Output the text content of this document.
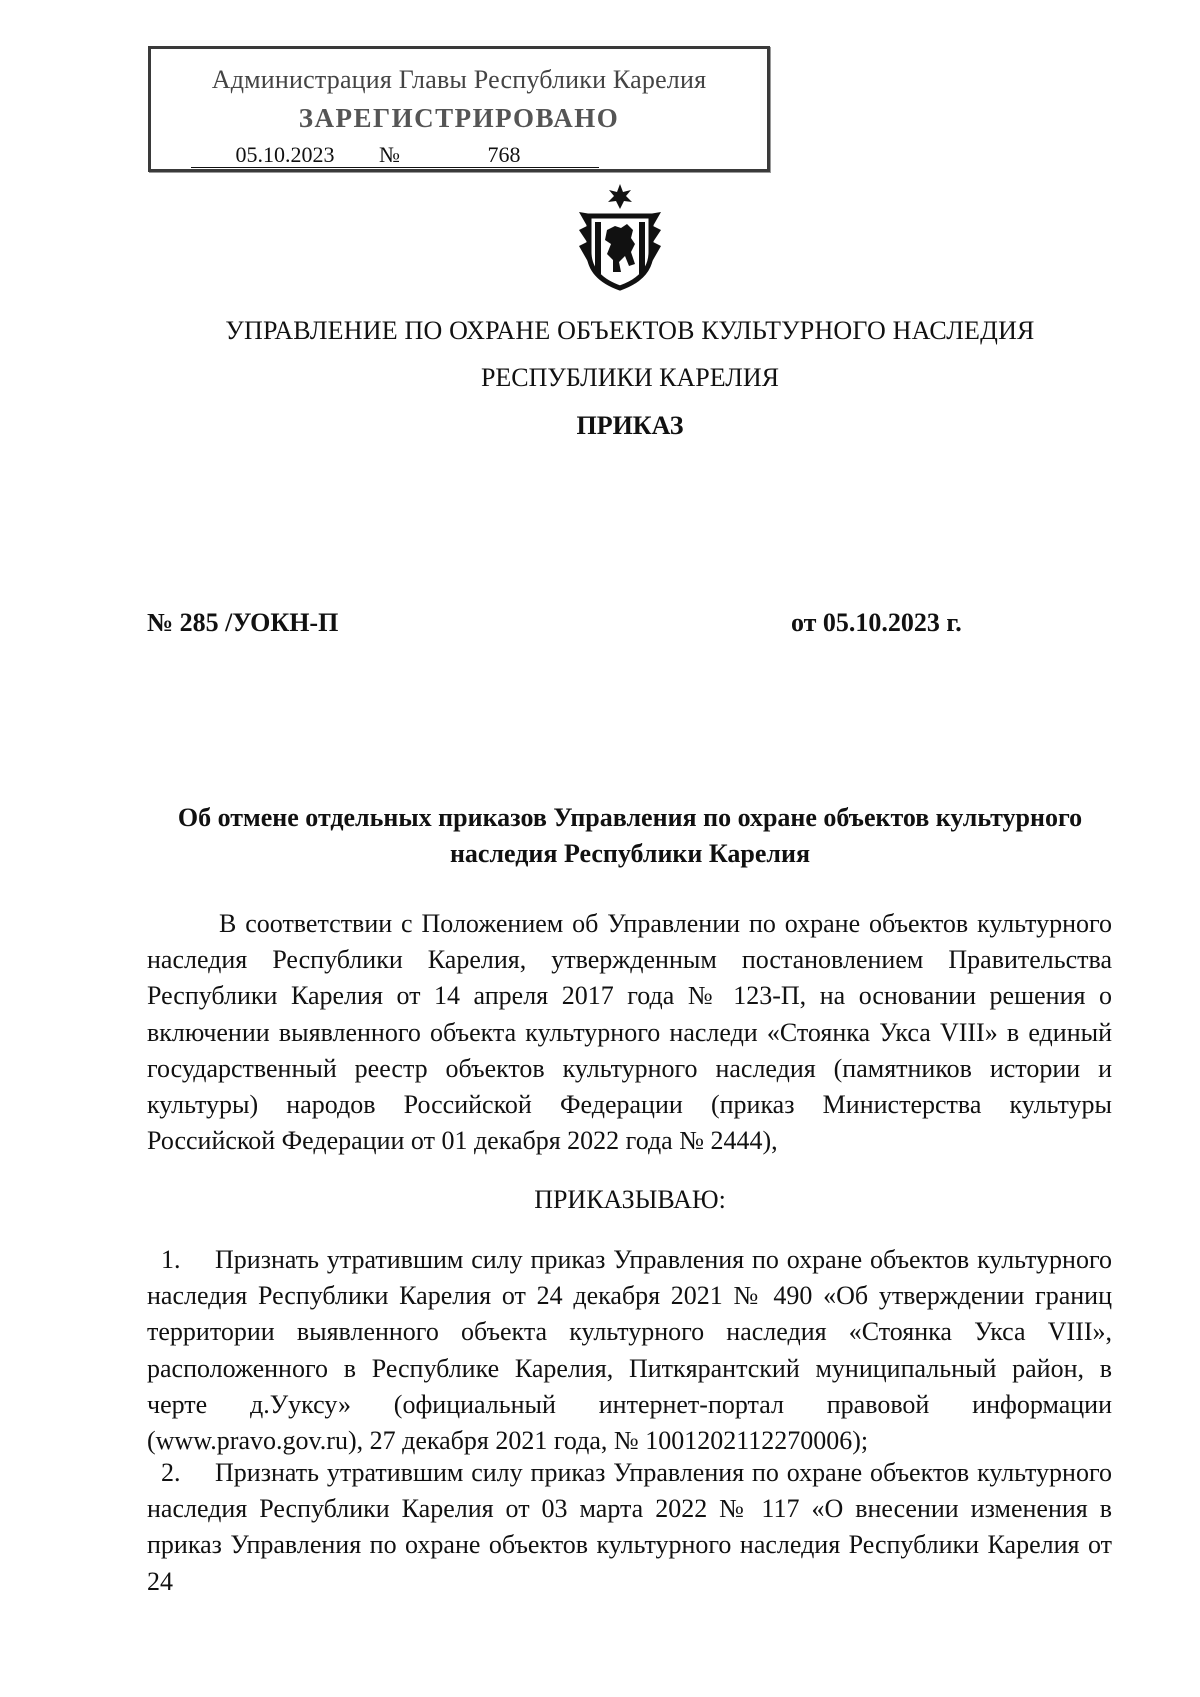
Администрация Главы Республики Карелия
ЗАРЕГИСТРИРОВАНО
05.10.2023 №	768
УПРАВЛЕНИЕ ПО ОХРАНЕ ОБЪЕКТОВ КУЛЬТУРНОГО НАСЛЕДИЯ
РЕСПУБЛИКИ КАРЕЛИЯ
ПРИКАЗ
№ 285 /УОКН-П	от 05.10.2023 г.
Об отмене отдельных приказов Управления по охране объектов культурного наследия Республики Карелия
В соответствии с Положением об Управлении по охране объектов культурного наследия Республики Карелия, утвержденным постановлением Правительства Республики Карелия от 14 апреля 2017 года № 123-П, на основании решения о включении выявленного объекта культурного наследи «Стоянка Укса VIII» в единый государственный реестр объектов культурного наследия (памятников истории и культуры) народов Российской Федерации (приказ Министерства культуры Российской Федерации от 01 декабря 2022 года № 2444),
ПРИКАЗЫВАЮ:
1. Признать утратившим силу приказ Управления по охране объектов культурного наследия Республики Карелия от 24 декабря 2021 № 490 «Об утверждении границ территории выявленного объекта культурного наследия «Стоянка Укса VIII», расположенного в Республике Карелия, Питкярантский муниципальный район, в черте д.Ууксу» (официальный интернет-портал правовой информации (www.pravo.gov.ru), 27 декабря 2021 года, № 1001202112270006);
2. Признать утратившим силу приказ Управления по охране объектов культурного наследия Республики Карелия от 03 марта 2022 № 117 «О внесении изменения в приказ Управления по охране объектов культурного наследия Республики Карелия от 24
